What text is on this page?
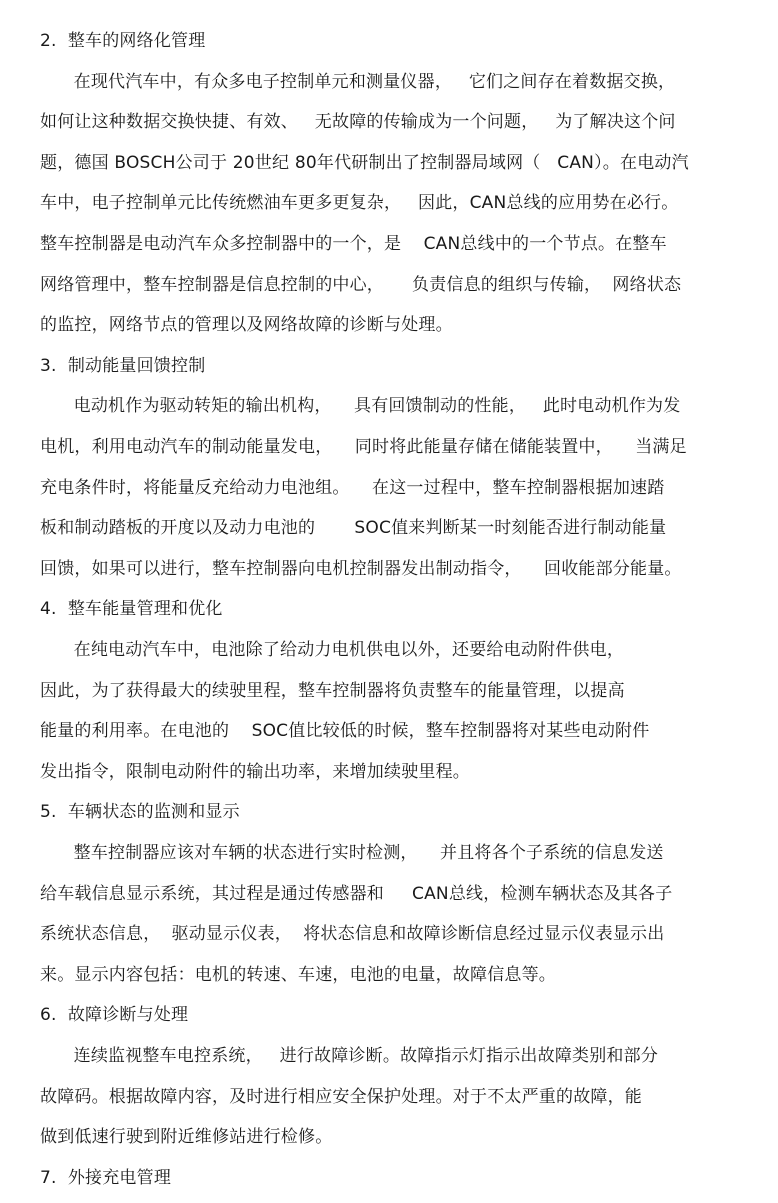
2.  整车的网络化管理
在现代汽车中，有众多电子控制单元和测量仪器，   它们之间存在着数据交换，
如何让这种数据交换快捷、有效、   无故障的传输成为一个问题，   为了解决这个问
题，德国 BOSCH公司于 20世纪 80年代研制出了控制器局域网（   CAN）。在电动汽
车中，电子控制单元比传统燃油车更多更复杂，   因此，CAN总线的应用势在必行。
整车控制器是电动汽车众多控制器中的一个，是    CAN总线中的一个节点。在整车
网络管理中，整车控制器是信息控制的中心，     负责信息的组织与传输，  网络状态
的监控，网络节点的管理以及网络故障的诊断与处理。
3.  制动能量回馈控制
电动机作为驱动转矩的输出机构，    具有回馈制动的性能，   此时电动机作为发
电机，利用电动汽车的制动能量发电，    同时将此能量存储在储能装置中，    当满足
充电条件时，将能量反充给动力电池组。    在这一过程中，整车控制器根据加速踏
板和制动踏板的开度以及动力电池的       SOC值来判断某一时刻能否进行制动能量
回馈，如果可以进行，整车控制器向电机控制器发出制动指令，    回收能部分能量。
4.  整车能量管理和优化
在纯电动汽车中，电池除了给动力电机供电以外，还要给电动附件供电，
因此，为了获得最大的续驶里程，整车控制器将负责整车的能量管理，以提高
能量的利用率。在电池的    SOC值比较低的时候，整车控制器将对某些电动附件
发出指令，限制电动附件的输出功率，来增加续驶里程。
5.  车辆状态的监测和显示
整车控制器应该对车辆的状态进行实时检测，    并且将各个子系统的信息发送
给车载信息显示系统，其过程是通过传感器和     CAN总线，检测车辆状态及其各子
系统状态信息，  驱动显示仪表，  将状态信息和故障诊断信息经过显示仪表显示出
来。显示内容包括：电机的转速、车速，电池的电量，故障信息等。
6.  故障诊断与处理
连续监视整车电控系统，   进行故障诊断。故障指示灯指示出故障类别和部分
故障码。根据故障内容，及时进行相应安全保护处理。对于不太严重的故障，能
做到低速行驶到附近维修站进行检修。
7.  外接充电管理
